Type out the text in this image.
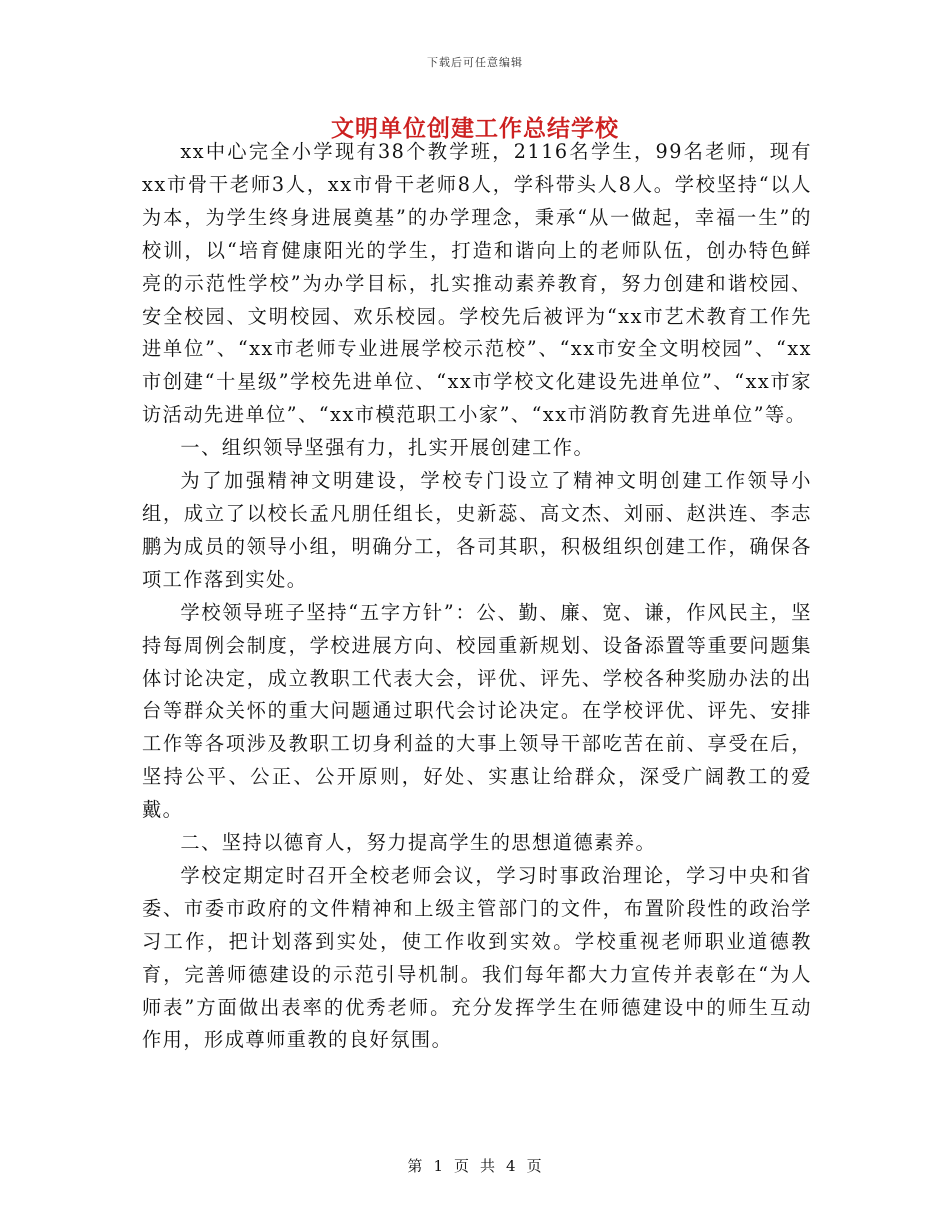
下载后可任意编辑
文明单位创建工作总结学校

xx中心完全小学现有38个教学班，2116名学生，99名老师，现有xx市骨干老师3人，xx市骨干老师8人，学科带头人8人。学校坚持“以人为本，为学生终身进展奠基”的办学理念，秉承“从一做起，幸福一生”的校训，以“培育健康阳光的学生，打造和谐向上的老师队伍，创办特色鲜亮的示范性学校”为办学目标，扎实推动素养教育，努力创建和谐校园、安全校园、文明校园、欢乐校园。学校先后被评为“xx市艺术教育工作先进单位”、“xx市老师专业进展学校示范校”、“xx市安全文明校园”、“xx市创建“十星级”学校先进单位、“xx市学校文化建设先进单位”、“xx市家访活动先进单位”、“xx市模范职工小家”、“xx市消防教育先进单位”等。

一、组织领导坚强有力，扎实开展创建工作。

为了加强精神文明建设，学校专门设立了精神文明创建工作领导小组，成立了以校长孟凡朋任组长，史新蕊、高文杰、刘丽、赵洪连、李志鹏为成员的领导小组，明确分工，各司其职，积极组织创建工作，确保各项工作落到实处。

学校领导班子坚持“五字方针”：公、勤、廉、宽、谦，作风民主，坚持每周例会制度，学校进展方向、校园重新规划、设备添置等重要问题集体讨论决定，成立教职工代表大会，评优、评先、学校各种奖励办法的出台等群众关怀的重大问题通过职代会讨论决定。在学校评优、评先、安排工作等各项涉及教职工切身利益的大事上领导干部吃苦在前、享受在后，坚持公平、公正、公开原则，好处、实惠让给群众，深受广阔教工的爱戴。

二、坚持以德育人，努力提高学生的思想道德素养。

学校定期定时召开全校老师会议，学习时事政治理论，学习中央和省委、市委市政府的文件精神和上级主管部门的文件，布置阶段性的政治学习工作，把计划落到实处，使工作收到实效。学校重视老师职业道德教育，完善师德建设的示范引导机制。我们每年都大力宣传并表彰在“为人师表”方面做出表率的优秀老师。充分发挥学生在师德建设中的师生互动作用，形成尊师重教的良好氛围。

第 1 页 共 4 页
